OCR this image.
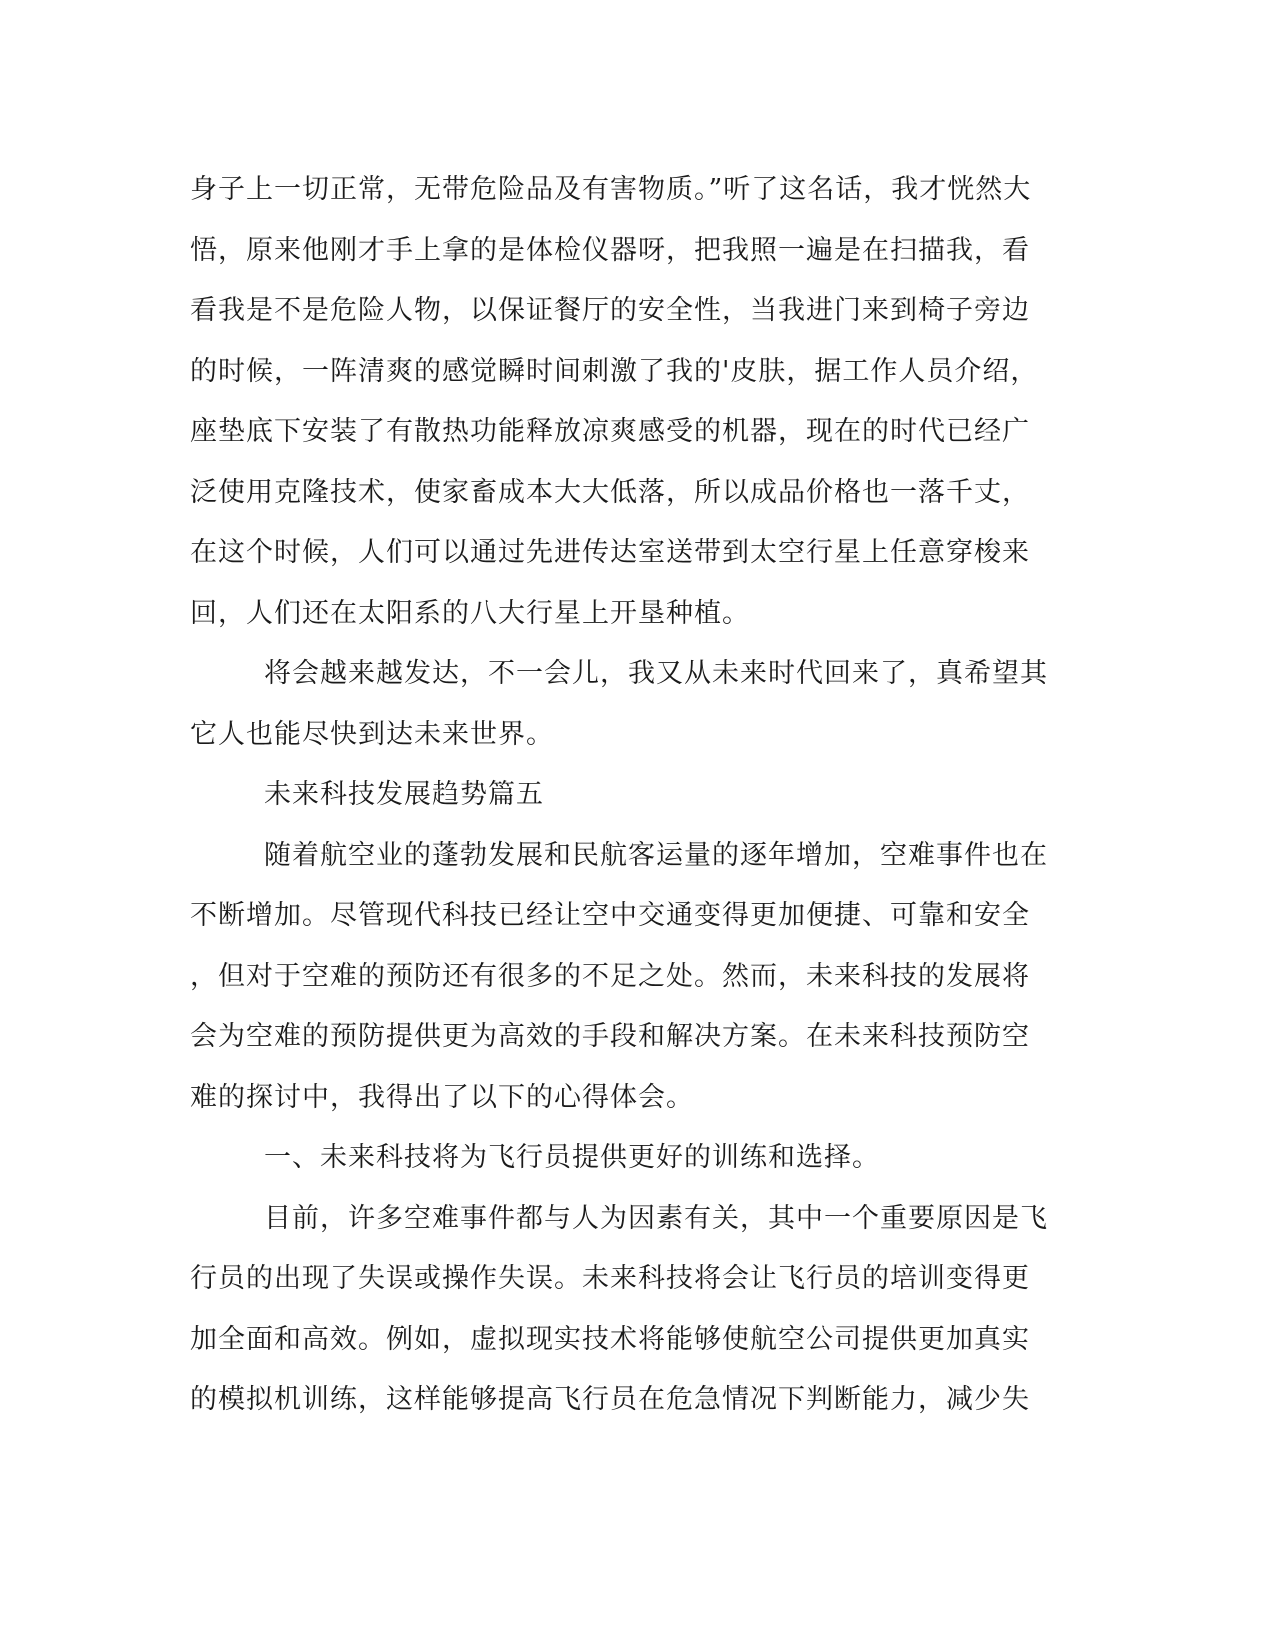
身子上一切正常，无带危险品及有害物质。”听了这名话，我才恍然大
悟，原来他刚才手上拿的是体检仪器呀，把我照一遍是在扫描我，看
看我是不是危险人物，以保证餐厅的安全性，当我进门来到椅子旁边
的时候，一阵清爽的感觉瞬时间刺激了我的'皮肤，据工作人员介绍，
座垫底下安装了有散热功能释放凉爽感受的机器，现在的时代已经广
泛使用克隆技术，使家畜成本大大低落，所以成品价格也一落千丈，
在这个时候，人们可以通过先进传达室送带到太空行星上任意穿梭来
回，人们还在太阳系的八大行星上开垦种植。
将会越来越发达，不一会儿，我又从未来时代回来了，真希望其
它人也能尽快到达未来世界。
未来科技发展趋势篇五
随着航空业的蓬勃发展和民航客运量的逐年增加，空难事件也在
不断增加。尽管现代科技已经让空中交通变得更加便捷、可靠和安全
，但对于空难的预防还有很多的不足之处。然而，未来科技的发展将
会为空难的预防提供更为高效的手段和解决方案。在未来科技预防空
难的探讨中，我得出了以下的心得体会。
一、未来科技将为飞行员提供更好的训练和选择。
目前，许多空难事件都与人为因素有关，其中一个重要原因是飞
行员的出现了失误或操作失误。未来科技将会让飞行员的培训变得更
加全面和高效。例如，虚拟现实技术将能够使航空公司提供更加真实
的模拟机训练，这样能够提高飞行员在危急情况下判断能力，减少失
